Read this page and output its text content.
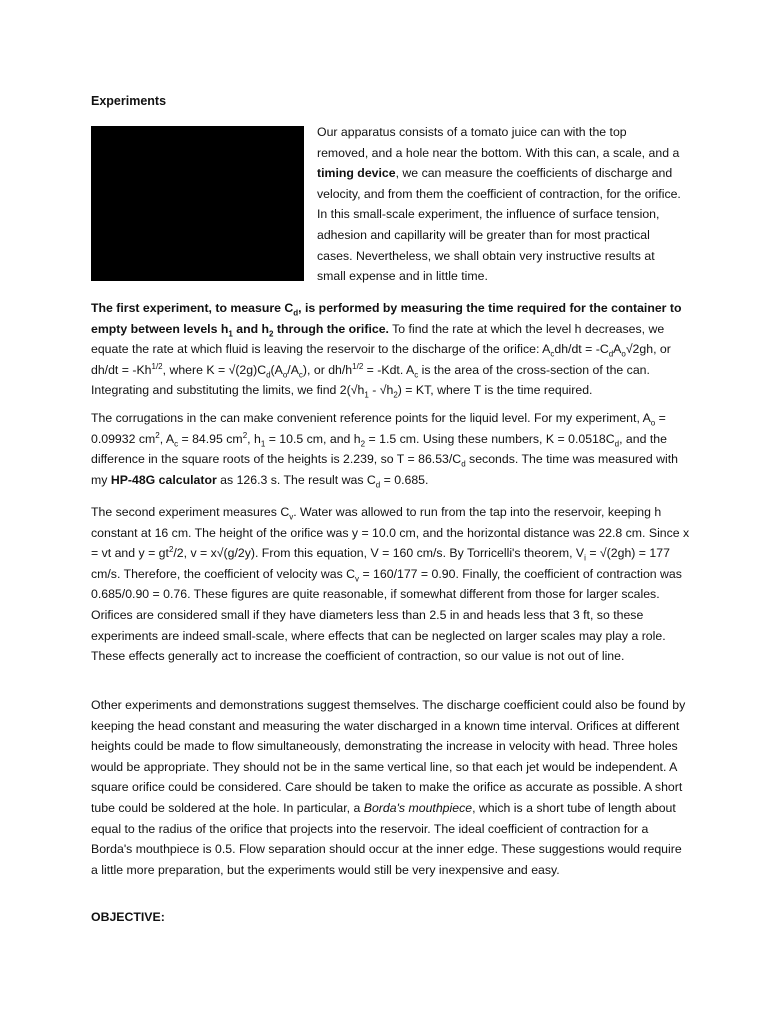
Experiments

Our apparatus consists of a tomato juice can with the top removed, and a hole near the bottom. With this can, a scale, and a timing device, we can measure the coefficients of discharge and velocity, and from them the coefficient of contraction, for the orifice. In this small-scale experiment, the influence of surface tension, adhesion and capillarity will be greater than for most practical cases. Nevertheless, we shall obtain very instructive results at small expense and in little time.

The first experiment, to measure $C_d$, is performed by measuring the time required for the container to empty between levels $h_1$ and $h_2$ through the orifice. To find the rate at which the level h decreases, we equate the rate at which fluid is leaving the reservoir to the discharge of the orifice: $A_cdh/dt = -C_dA_o√2gh$, or $dh/dt = -Kh^{1/2}$, where $K = √(2g)C_d(A_o/A_c)$, or $dh/h^{1/2} = -Kdt$. $A_c$ is the area of the cross-section of the can. Integrating and substituting the limits, we find $2(√h_1 - √h_2)$ = KT, where T is the time required.

The corrugations in the can make convenient reference points for the liquid level. For my experiment, $A_o = 0.09932$ $cm^2$, $A_c = 84.95$ $cm^2$, $h_1 = 10.5$ cm, and $h_2 = 1.5$ cm. Using these numbers, $K = 0.0518C_d$, and the difference in the square roots of the heights is 2.239, so $T = 86.53/C_d$ seconds. The time was measured with my HP-48G calculator as 126.3 s. The result was $C_d = 0.685$.

The second experiment measures $C_v$. Water was allowed to run from the tap into the reservoir, keeping h constant at 16 cm. The height of the orifice was y = 10.0 cm, and the horizontal distance was 22.8 cm. Since x = vt and $y = gt^2/2$, v = x√(g/2y). From this equation, V = 160 cm/s. By Torricelli's theorem, $V_i = √(2gh) = 177$ cm/s. Therefore, the coefficient of velocity was $C_v = 160/177 = 0.90$. Finally, the coefficient of contraction was 0.685/0.90 = 0.76. These figures are quite reasonable, if somewhat different from those for larger scales. Orifices are considered small if they have diameters less than 2.5 in and heads less that 3 ft, so these experiments are indeed small-scale, where effects that can be neglected on larger scales may play a role. These effects generally act to increase the coefficient of contraction, so our value is not out of line.

Other experiments and demonstrations suggest themselves. The discharge coefficient could also be found by keeping the head constant and measuring the water discharged in a known time interval. Orifices at different heights could be made to flow simultaneously, demonstrating the increase in velocity with head. Three holes would be appropriate. They should not be in the same vertical line, so that each jet would be independent. A square orifice could be considered. Care should be taken to make the orifice as accurate as possible. A short tube could be soldered at the hole. In particular, a Borda's mouthpiece, which is a short tube of length about equal to the radius of the orifice that projects into the reservoir. The ideal coefficient of contraction for a Borda's mouthpiece is 0.5. Flow separation should occur at the inner edge. These suggestions would require a little more preparation, but the experiments would still be very inexpensive and easy.

OBJECTIVE:
